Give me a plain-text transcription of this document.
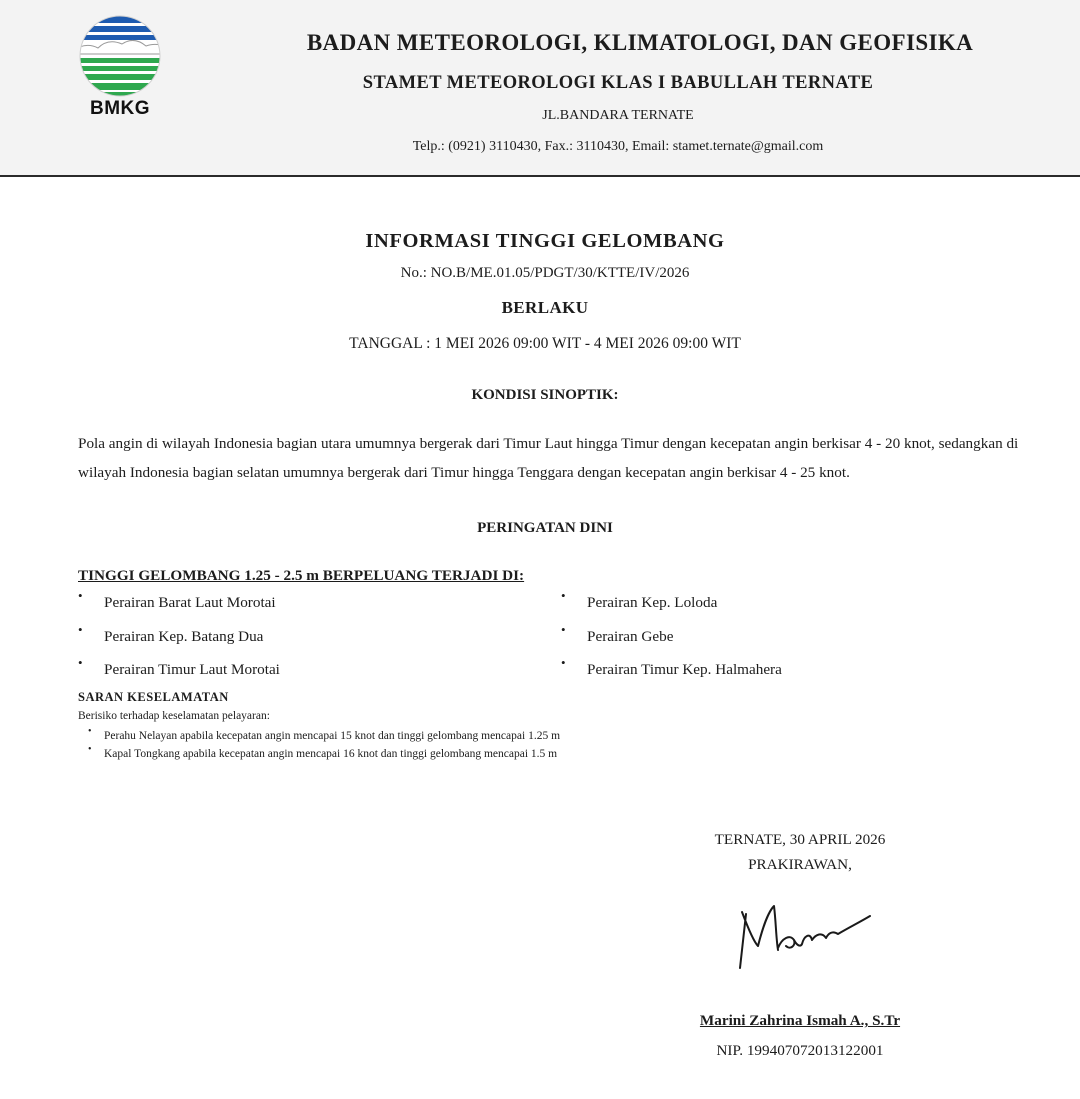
BMKG
BADAN METEOROLOGI, KLIMATOLOGI, DAN GEOFISIKA
STAMET METEOROLOGI KLAS I BABULLAH TERNATE
JL.BANDARA TERNATE
Telp.: (0921) 3110430, Fax.: 3110430, Email: stamet.ternate@gmail.com
INFORMASI TINGGI GELOMBANG
No.: NO.B/ME.01.05/PDGT/30/KTTE/IV/2026
BERLAKU
TANGGAL : 1 MEI 2026 09:00 WIT - 4 MEI 2026 09:00 WIT
KONDISI SINOPTIK:
Pola angin di wilayah Indonesia bagian utara umumnya bergerak dari Timur Laut hingga Timur dengan kecepatan angin berkisar 4 - 20 knot, sedangkan di wilayah Indonesia bagian selatan umumnya bergerak dari Timur hingga Tenggara dengan kecepatan angin berkisar 4 - 25 knot.
PERINGATAN DINI
TINGGI GELOMBANG 1.25 - 2.5 m BERPELUANG TERJADI DI:
• Perairan Barat Laut Morotai
• Perairan Kep. Batang Dua
• Perairan Timur Laut Morotai
• Perairan Kep. Loloda
• Perairan Gebe
• Perairan Timur Kep. Halmahera
SARAN KESELAMATAN
Berisiko terhadap keselamatan pelayaran:
• Perahu Nelayan apabila kecepatan angin mencapai 15 knot dan tinggi gelombang mencapai 1.25 m
• Kapal Tongkang apabila kecepatan angin mencapai 16 knot dan tinggi gelombang mencapai 1.5 m
TERNATE, 30 APRIL 2026
PRAKIRAWAN,
Marini Zahrina Ismah A., S.Tr
NIP. 199407072013122001
